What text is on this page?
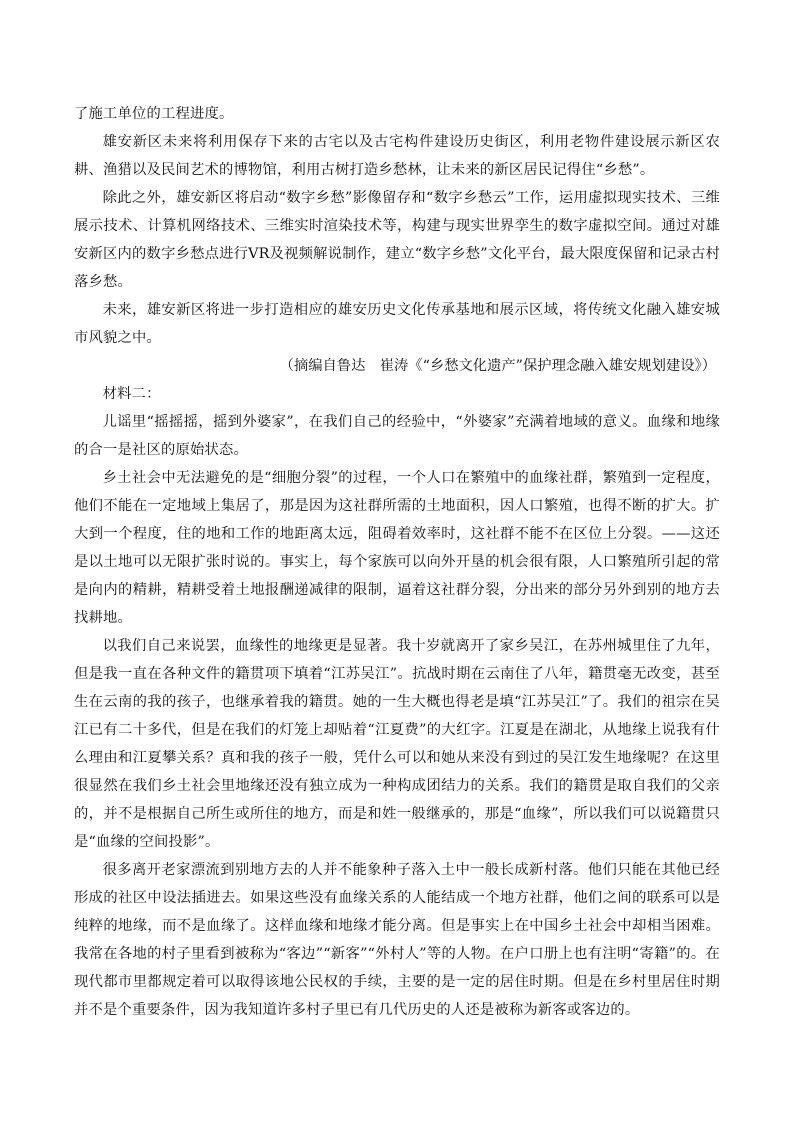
了施工单位的工程进度。

雄安新区未来将利用保存下来的古宅以及古宅构件建设历史街区，利用老物件建设展示新区农耕、渔猎以及民间艺术的博物馆，利用古树打造乡愁林，让未来的新区居民记得住“乡愁”。

除此之外，雄安新区将启动“数字乡愁”影像留存和“数字乡愁云”工作，运用虚拟现实技术、三维展示技术、计算机网络技术、三维实时渲染技术等，构建与现实世界孪生的数字虚拟空间。通过对雄安新区内的数字乡愁点进行VR及视频解说制作，建立“数字乡愁”文化平台，最大限度保留和记录古村落乡愁。

未来，雄安新区将进一步打造相应的雄安历史文化传承基地和展示区域，将传统文化融入雄安城市风貌之中。

（摘编自鲁达　崔涛《“乡愁文化遗产”保护理念融入雄安规划建设》）

材料二：

儿谣里“摇摇摇，摇到外婆家”，在我们自己的经验中，“外婆家”充满着地域的意义。血缘和地缘的合一是社区的原始状态。

乡土社会中无法避免的是“细胞分裂”的过程，一个人口在繁殖中的血缘社群，繁殖到一定程度，他们不能在一定地域上集居了，那是因为这社群所需的土地面积，因人口繁殖，也得不断的扩大。扩大到一个程度，住的地和工作的地距离太远，阻碍着效率时，这社群不能不在区位上分裂。——这还是以土地可以无限扩张时说的。事实上，每个家族可以向外开垦的机会很有限，人口繁殖所引起的常是向内的精耕，精耕受着土地报酬递减律的限制，逼着这社群分裂，分出来的部分另外到别的地方去找耕地。

以我们自己来说罢，血缘性的地缘更是显著。我十岁就离开了家乡吴江，在苏州城里住了九年，但是我一直在各种文件的籍贯项下填着“江苏吴江”。抗战时期在云南住了八年，籍贯毫无改变，甚至生在云南的我的孩子，也继承着我的籍贯。她的一生大概也得老是填“江苏吴江”了。我们的祖宗在吴江已有二十多代，但是在我们的灯笼上却贴着“江夏费”的大红字。江夏是在湖北，从地缘上说我有什么理由和江夏攀关系？真和我的孩子一般，凭什么可以和她从来没有到过的吴江发生地缘呢？在这里很显然在我们乡土社会里地缘还没有独立成为一种构成团结力的关系。我们的籍贯是取自我们的父亲的，并不是根据自己所生或所住的地方，而是和姓一般继承的，那是“血缘”，所以我们可以说籍贯只是“血缘的空间投影”。

很多离开老家漂流到别地方去的人并不能象种子落入土中一般长成新村落。他们只能在其他已经形成的社区中设法插进去。如果这些没有血缘关系的人能结成一个地方社群，他们之间的联系可以是纯粹的地缘，而不是血缘了。这样血缘和地缘才能分离。但是事实上在中国乡土社会中却相当困难。我常在各地的村子里看到被称为“客边”“新客”“外村人”等的人物。在户口册上也有注明“寄籍”的。在现代都市里都规定着可以取得该地公民权的手续，主要的是一定的居住时期。但是在乡村里居住时期并不是个重要条件，因为我知道许多村子里已有几代历史的人还是被称为新客或客边的。
